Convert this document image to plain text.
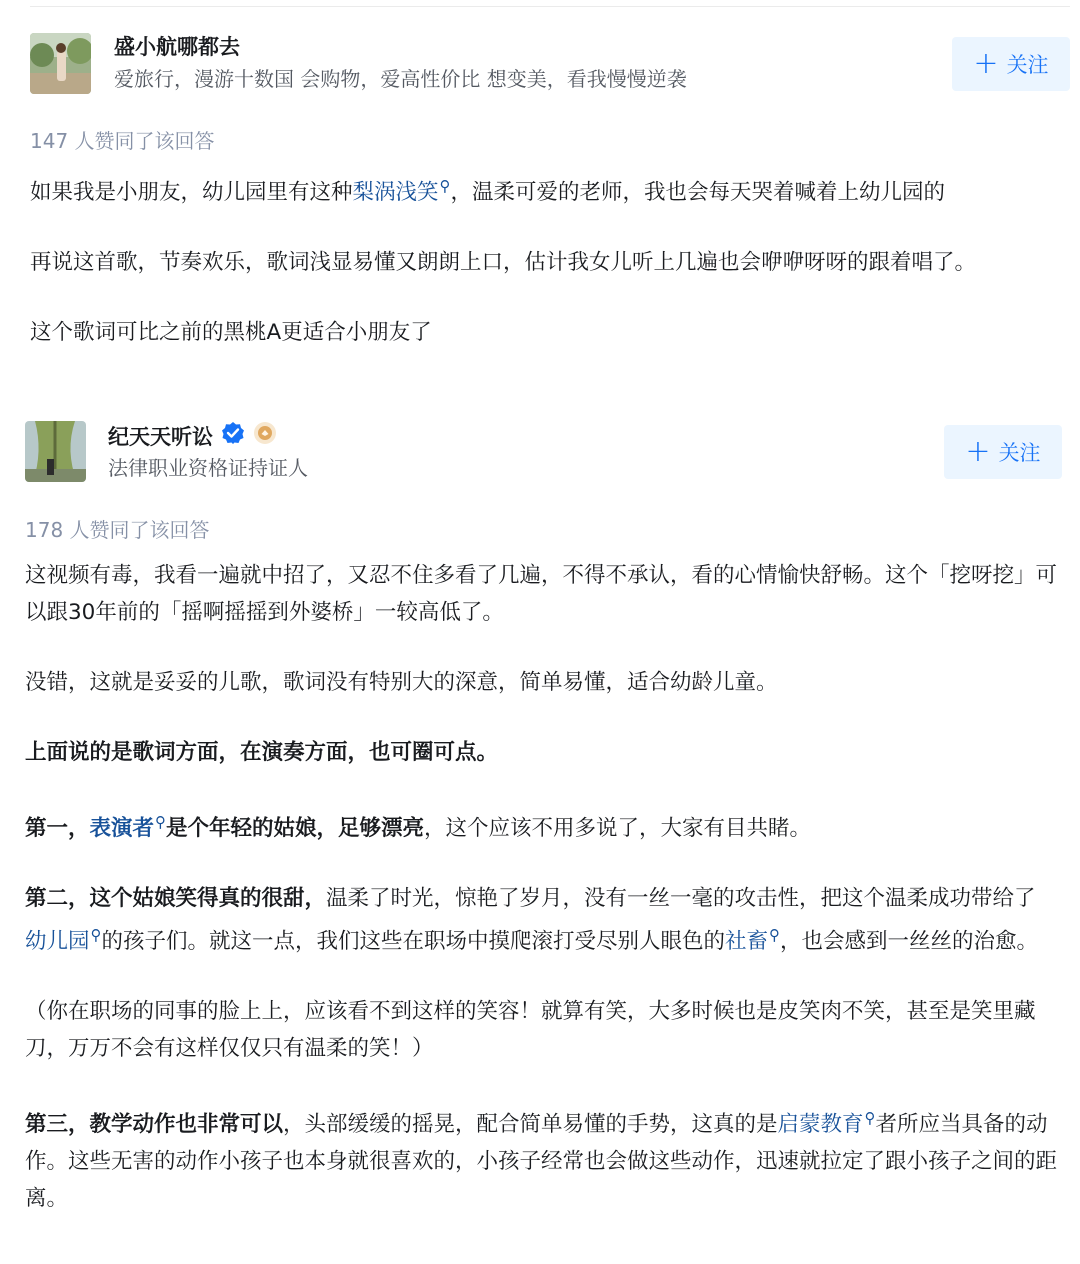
盛小航哪都去
爱旅行，漫游十数国 会购物，爱高性价比 想变美，看我慢慢逆袭	+ 关注
147 人赞同了该回答

如果我是小朋友，幼儿园里有这种梨涡浅笑⚲，温柔可爱的老师，我也会每天哭着喊着上幼儿园的

再说这首歌，节奏欢乐，歌词浅显易懂又朗朗上口，估计我女儿听上几遍也会咿咿呀呀的跟着唱了。

这个歌词可比之前的黑桃A更适合小朋友了

纪天天听讼
法律职业资格证持证人	+ 关注
178 人赞同了该回答

这视频有毒，我看一遍就中招了，又忍不住多看了几遍，不得不承认，看的心情愉快舒畅。这个「挖呀挖」可以跟30年前的「摇啊摇摇到外婆桥」一较高低了。

没错，这就是妥妥的儿歌，歌词没有特别大的深意，简单易懂，适合幼龄儿童。

上面说的是歌词方面，在演奏方面，也可圈可点。

第一，表演者⚲是个年轻的姑娘，足够漂亮，这个应该不用多说了，大家有目共睹。

第二，这个姑娘笑得真的很甜，温柔了时光，惊艳了岁月，没有一丝一毫的攻击性，把这个温柔成功带给了幼儿园⚲的孩子们。就这一点，我们这些在职场中摸爬滚打受尽别人眼色的社畜⚲，也会感到一丝丝的治愈。

（你在职场的同事的脸上上，应该看不到这样的笑容！就算有笑，大多时候也是皮笑肉不笑，甚至是笑里藏刀，万万不会有这样仅仅只有温柔的笑！）

第三，教学动作也非常可以，头部缓缓的摇晃，配合简单易懂的手势，这真的是启蒙教育⚲者所应当具备的动作。这些无害的动作小孩子也本身就很喜欢的，小孩子经常也会做这些动作，迅速就拉定了跟小孩子之间的距离。
